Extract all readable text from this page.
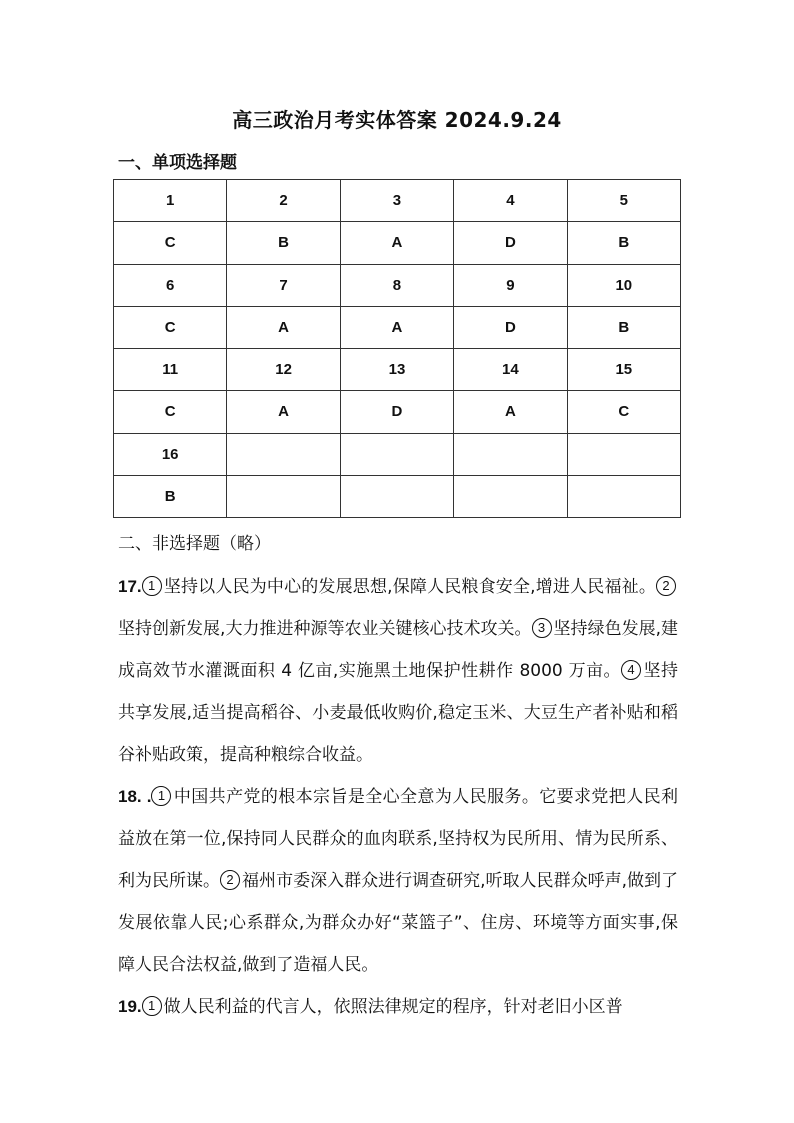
高三政治月考实体答案 2024.9.24
一、单项选择题
1	2	3	4	5
C	B	A	D	B
6	7	8	9	10
C	A	A	D	B
11	12	13	14	15
C	A	D	A	C
16				
B				
二、非选择题（略）

17. 1 坚持以人民为中心的发展思想,保障人民粮食安全,增进人民福祉。 2坚持创新发展,大力推进种源等农业关键核心技术攻关。 3 坚持绿色发展,建成高效节水灌溉面积 4 亿亩,实施黑土地保护性耕作 8000 万亩。 4 坚持共享发展,适当提高稻谷、小麦最低收购价,稳定玉米、大豆生产者补贴和稻谷补贴政策，提高种粮综合收益。

18. . 1 中国共产党的根本宗旨是全心全意为人民服务。它要求党把人民利益放在第一位,保持同人民群众的血肉联系,坚持权为民所用、情为民所系、利为民所谋。 2 福州市委深入群众进行调查研究,听取人民群众呼声,做到了发展依靠人民;心系群众,为群众办好“菜篮子”、住房、环境等方面实事,保障人民合法权益,做到了造福人民。

19. 1 做人民利益的代言人，依照法律规定的程序，针对老旧小区普
